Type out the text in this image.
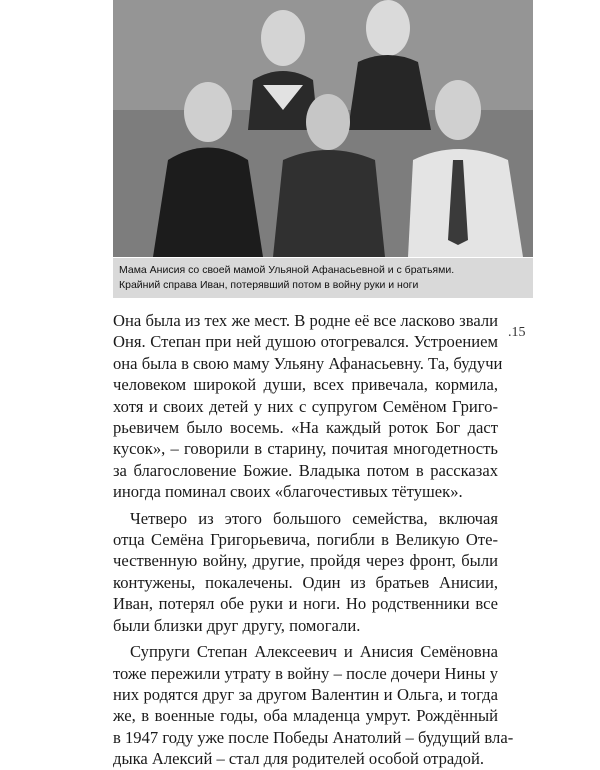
Мама Анисия со своей мамой Ульяной Афанасьевной и с братьями.
Крайний справа Иван, потерявший потом в войну руки и ноги
.15

Она была из тех же мест. В родне её все ласково звали
Оня. Степан при ней душою отогревался. Устроением
она была в свою маму Ульяну Афанасьевну. Та, будучи
человеком широкой души, всех привечала, кормила,
хотя и своих детей у них с супругом Семёном Григо-
рьевичем было восемь. «На каждый роток Бог даст
кусок», – говорили в старину, почитая многодетность
за благословение Божие. Владыка потом в рассказах
иногда поминал своих «благочестивых тётушек».

Четверо из этого большого семейства, включая
отца Семёна Григорьевича, погибли в Великую Оте-
чественную войну, другие, пройдя через фронт, были
контужены, покалечены. Один из братьев Анисии,
Иван, потерял обе руки и ноги. Но родственники все
были близки друг другу, помогали.

Супруги Степан Алексеевич и Анисия Семёновна
тоже пережили утрату в войну – после дочери Нины у
них родятся друг за другом Валентин и Ольга, и тогда
же, в военные годы, оба младенца умрут. Рождённый
в 1947 году уже после Победы Анатолий – будущий вла-
дыка Алексий – стал для родителей особой отрадой.
